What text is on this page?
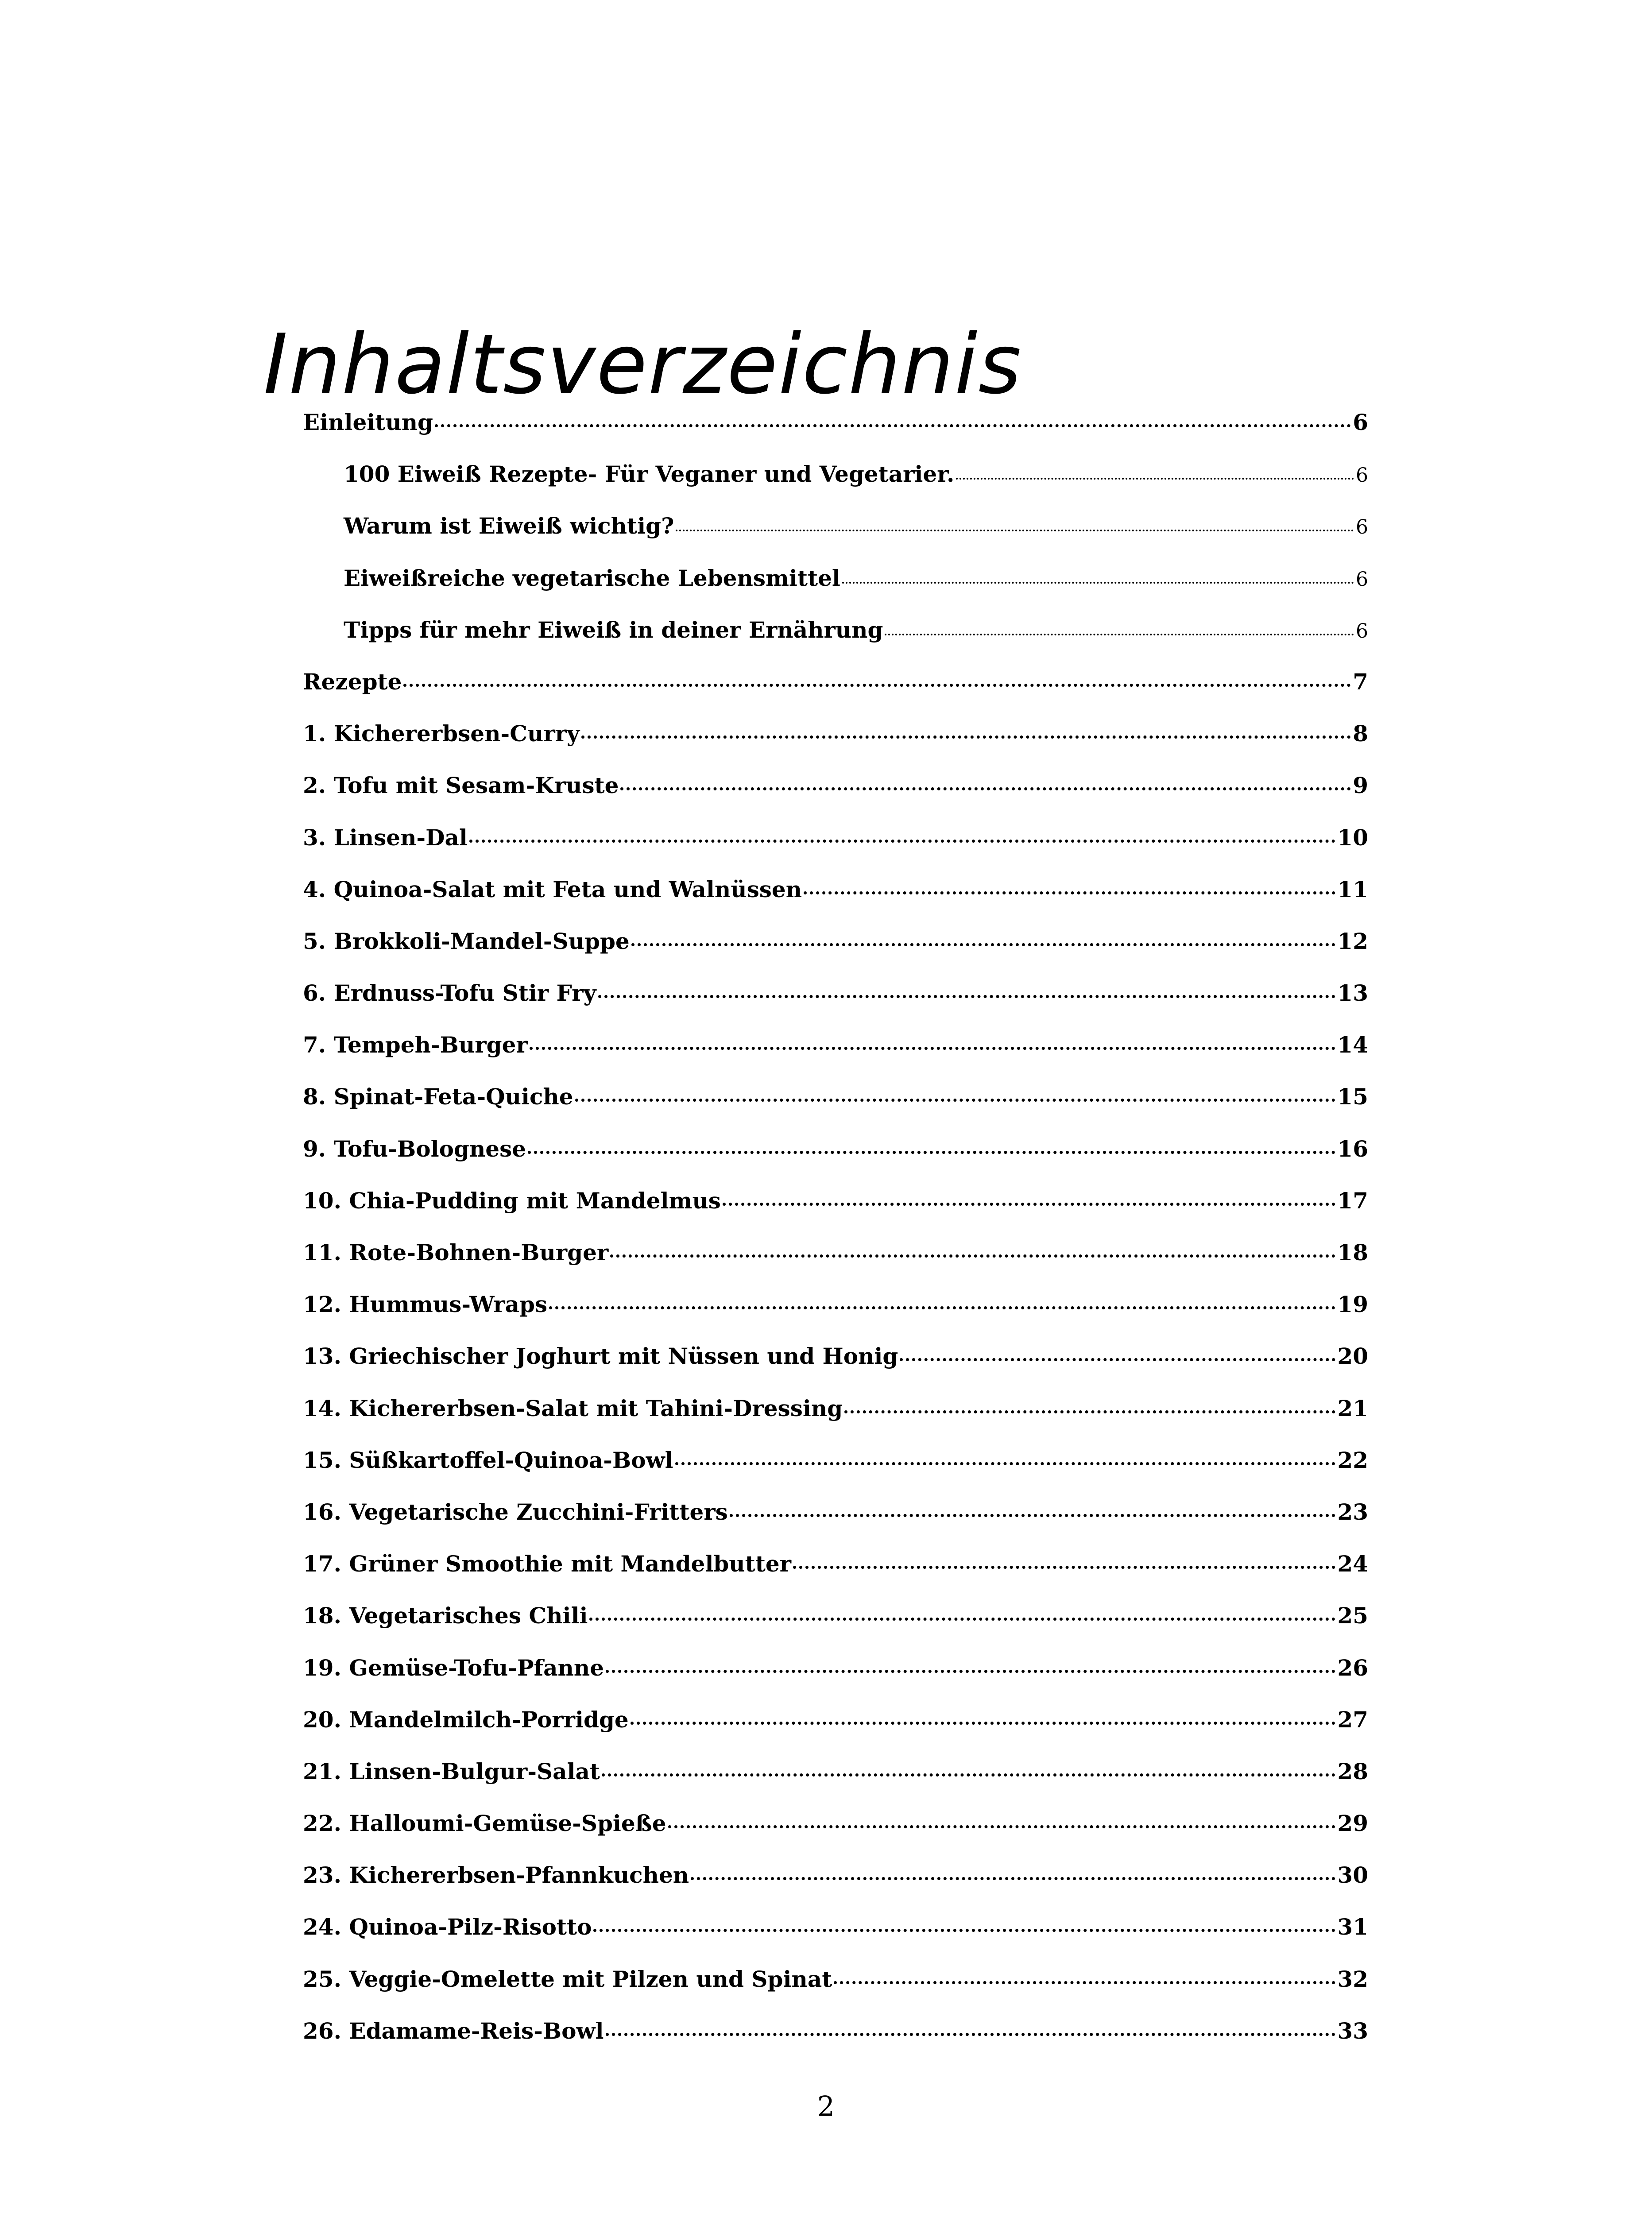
Inhaltsverzeichnis
Einleitung	6
100 Eiweiß Rezepte- Für Veganer und Vegetarier.	6
Warum ist Eiweiß wichtig?	6
Eiweißreiche vegetarische Lebensmittel	6
Tipps für mehr Eiweiß in deiner Ernährung	6
Rezepte	7
1. Kichererbsen-Curry	8
2. Tofu mit Sesam-Kruste	9
3. Linsen-Dal	10
4. Quinoa-Salat mit Feta und Walnüssen	11
5. Brokkoli-Mandel-Suppe	12
6. Erdnuss-Tofu Stir Fry	13
7. Tempeh-Burger	14
8. Spinat-Feta-Quiche	15
9. Tofu-Bolognese	16
10. Chia-Pudding mit Mandelmus	17
11. Rote-Bohnen-Burger	18
12. Hummus-Wraps	19
13. Griechischer Joghurt mit Nüssen und Honig	20
14. Kichererbsen-Salat mit Tahini-Dressing	21
15. Süßkartoffel-Quinoa-Bowl	22
16. Vegetarische Zucchini-Fritters	23
17. Grüner Smoothie mit Mandelbutter	24
18. Vegetarisches Chili	25
19. Gemüse-Tofu-Pfanne	26
20. Mandelmilch-Porridge	27
21. Linsen-Bulgur-Salat	28
22. Halloumi-Gemüse-Spieße	29
23. Kichererbsen-Pfannkuchen	30
24. Quinoa-Pilz-Risotto	31
25. Veggie-Omelette mit Pilzen und Spinat	32
26. Edamame-Reis-Bowl	33
2
